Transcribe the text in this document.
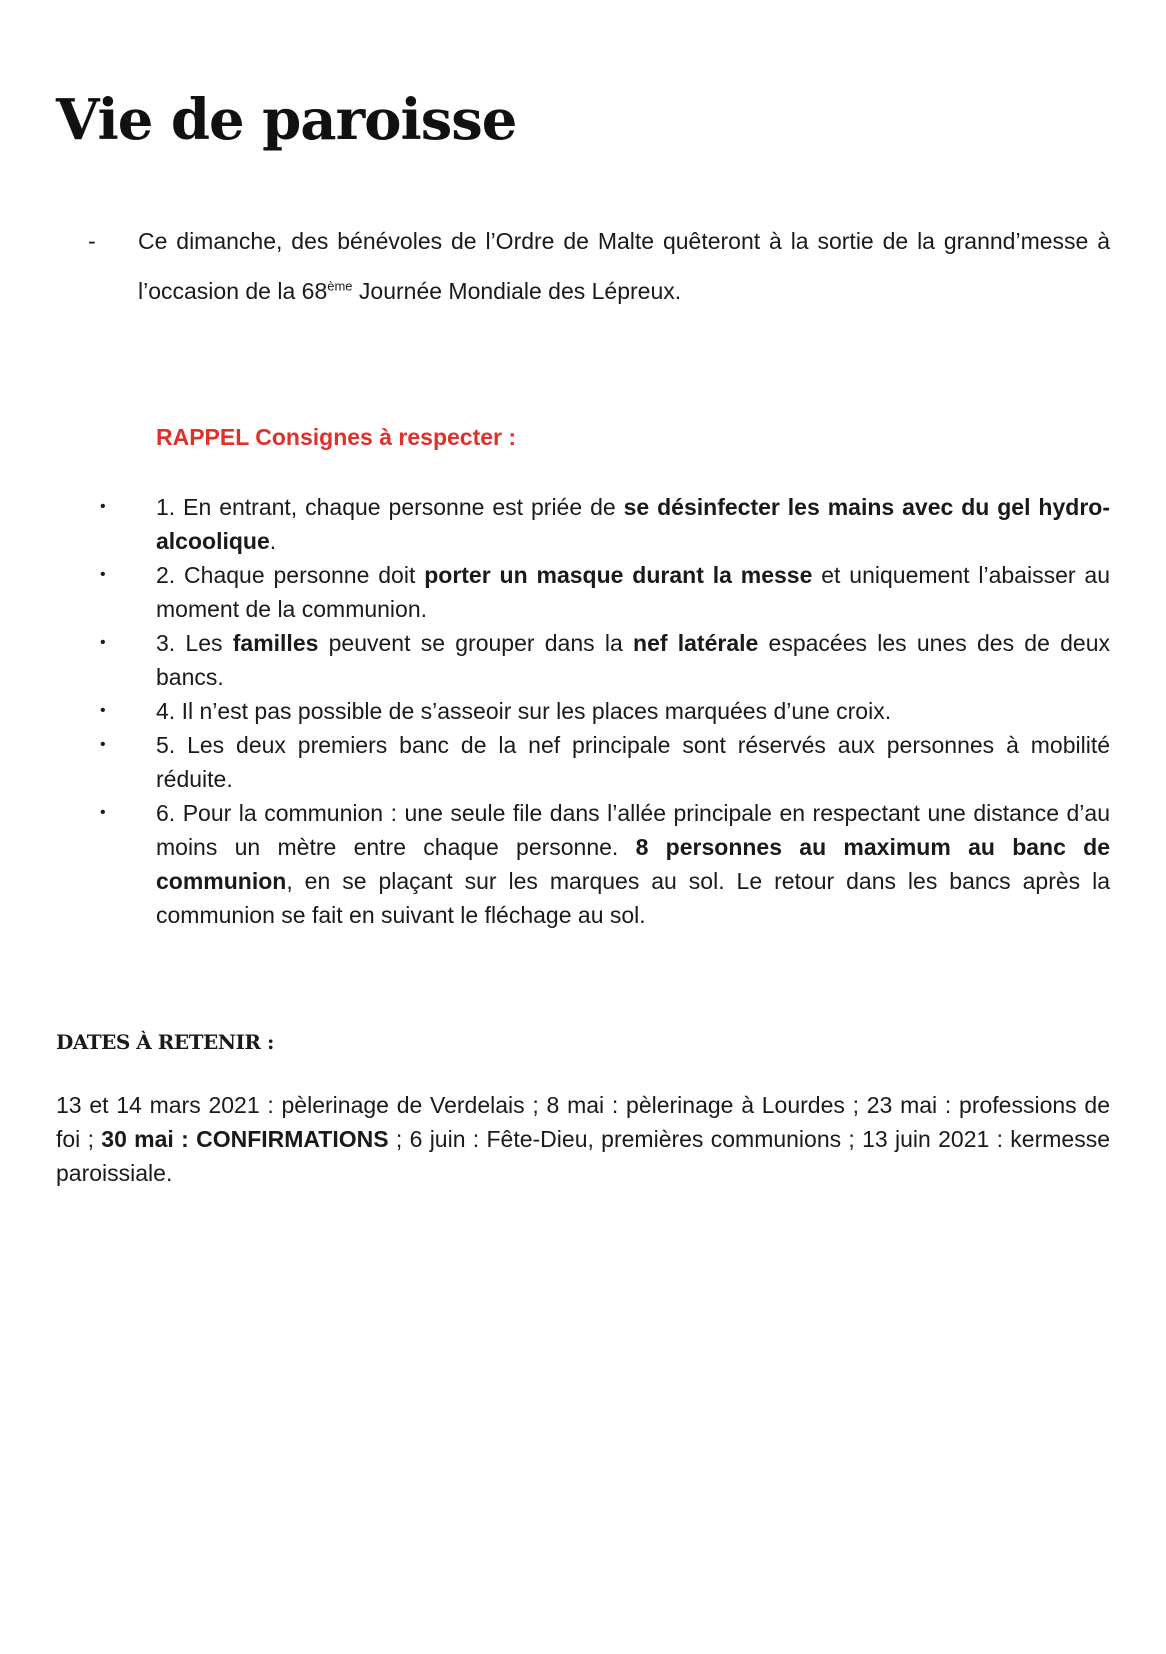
Vie de paroisse
-	Ce dimanche, des bénévoles de l’Ordre de Malte quêteront à la sortie de la grannd’messe à l’occasion de la 68ème Journée Mondiale des Lépreux.
RAPPEL Consignes à respecter :
•	1. En entrant, chaque personne est priée de se désinfecter les mains avec du gel hydro-alcoolique.
•	2. Chaque personne doit porter un masque durant la messe et uniquement l’abaisser au moment de la communion.
•	3. Les familles peuvent se grouper dans la nef latérale espacées les unes des de deux bancs.
•	4. Il n’est pas possible de s’asseoir sur les places marquées d’une croix.
•	5. Les deux premiers banc de la nef principale sont réservés aux personnes à mobilité réduite.
•	6. Pour la communion : une seule file dans l’allée principale en respectant une distance d’au moins un mètre entre chaque personne. 8 personnes au maximum au banc de communion, en se plaçant sur les marques au sol. Le retour dans les bancs après la communion se fait en suivant le fléchage au sol.
DATES À RETENIR :

13 et 14 mars 2021 : pèlerinage de Verdelais ; 8 mai : pèlerinage à Lourdes ; 23 mai : professions de foi ; 30 mai : CONFIRMATIONS ; 6 juin : Fête-Dieu, premières communions ; 13 juin 2021 : kermesse paroissiale.
